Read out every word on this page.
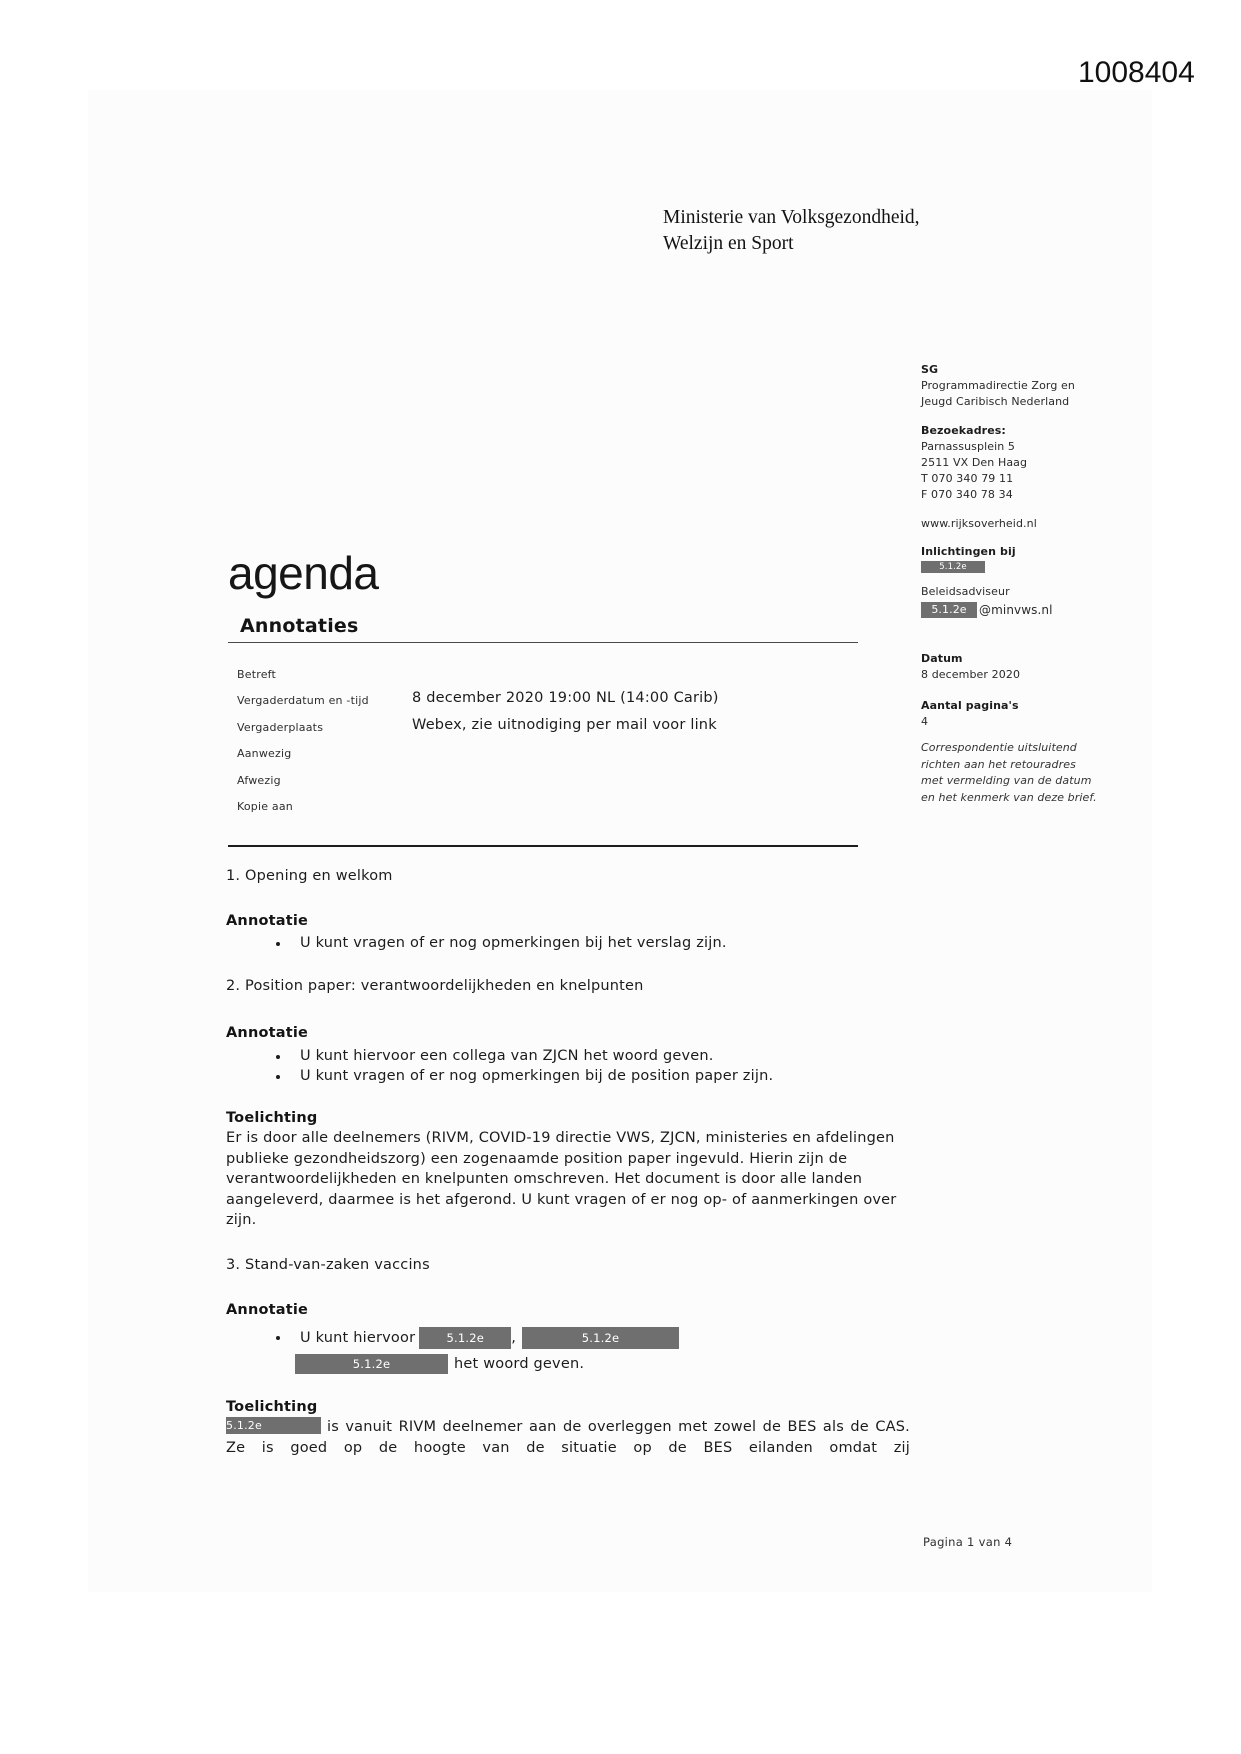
1008404
Ministerie van Volksgezondheid,
Welzijn en Sport
SG
Programmadirectie Zorg en
Jeugd Caribisch Nederland
Bezoekadres:
Parnassusplein 5
2511 VX Den Haag
T 070 340 79 11
F 070 340 78 34
www.rijksoverheid.nl
Inlichtingen bij
5.1.2e
Beleidsadviseur
5.1.2e @minvws.nl
Datum
8 december 2020
Aantal pagina's
4
Correspondentie uitsluitend richten aan het retouradres met vermelding van de datum en het kenmerk van deze brief.
agenda
Annotaties
Betreft
Vergaderdatum en -tijd	8 december 2020 19:00 NL (14:00 Carib)
Vergaderplaats	Webex, zie uitnodiging per mail voor link
Aanwezig
Afwezig
Kopie aan
1. Opening en welkom
Annotatie
U kunt vragen of er nog opmerkingen bij het verslag zijn.
2. Position paper: verantwoordelijkheden en knelpunten
Annotatie
U kunt hiervoor een collega van ZJCN het woord geven.
U kunt vragen of er nog opmerkingen bij de position paper zijn.
Toelichting

Er is door alle deelnemers (RIVM, COVID-19 directie VWS, ZJCN, ministeries en afdelingen publieke gezondheidszorg) een zogenaamde position paper ingevuld. Hierin zijn de verantwoordelijkheden en knelpunten omschreven. Het document is door alle landen aangeleverd, daarmee is het afgerond. U kunt vragen of er nog op- of aanmerkingen over zijn.

3. Stand-van-zaken vaccins
Annotatie
U kunt hiervoor	5.1.2e	,	5.1.2e
5.1.2e	het woord geven.
Toelichting

5.1.2e	is vanuit RIVM deelnemer aan de overleggen met zowel de BES als de CAS. Ze is goed op de hoogte van de situatie op de BES eilanden omdat zij

Pagina 1 van 4
